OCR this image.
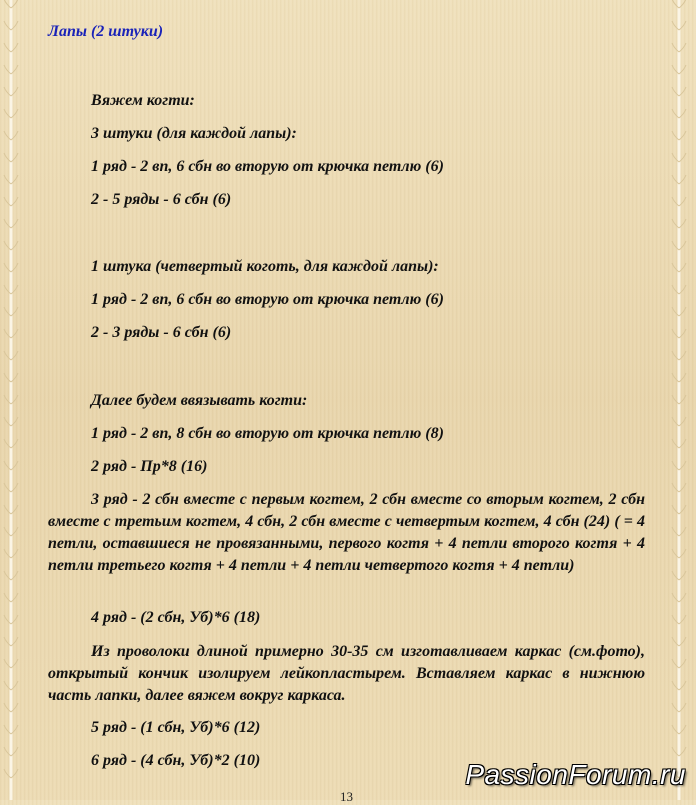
Лапы (2 штуки)

Вяжем когти:

3 штуки (для каждой лапы):

1 ряд - 2 вп, 6 сбн во вторую от крючка петлю (6)

2 - 5 ряды - 6 сбн (6)

1 штука (четвертый коготь, для каждой лапы):

1 ряд - 2 вп, 6 сбн во вторую от крючка петлю (6)

2 - 3 ряды - 6 сбн (6)

Далее будем ввязывать когти:

1 ряд - 2 вп, 8 сбн во вторую от крючка петлю (8)

2 ряд - Пр*8 (16)

3 ряд - 2 сбн вместе с первым когтем, 2 сбн вместе со вторым когтем, 2 сбн вместе с третьим когтем, 4 сбн, 2 сбн вместе с четвертым когтем, 4 сбн (24) ( = 4 петли, оставшиеся не провязанными, первого когтя + 4 петли второго когтя + 4 петли третьего когтя + 4 петли + 4 петли четвертого когтя + 4 петли)

4 ряд - (2 сбн, Уб)*6 (18)

Из проволоки длиной примерно 30-35 см изготавливаем каркас (см.фото), открытый кончик изолируем лейкопластырем. Вставляем каркас в нижнюю часть лапки, далее вяжем вокруг каркаса.

5 ряд - (1 сбн, Уб)*6 (12)

6 ряд - (4 сбн, Уб)*2 (10)

13
PassionForum.ru
